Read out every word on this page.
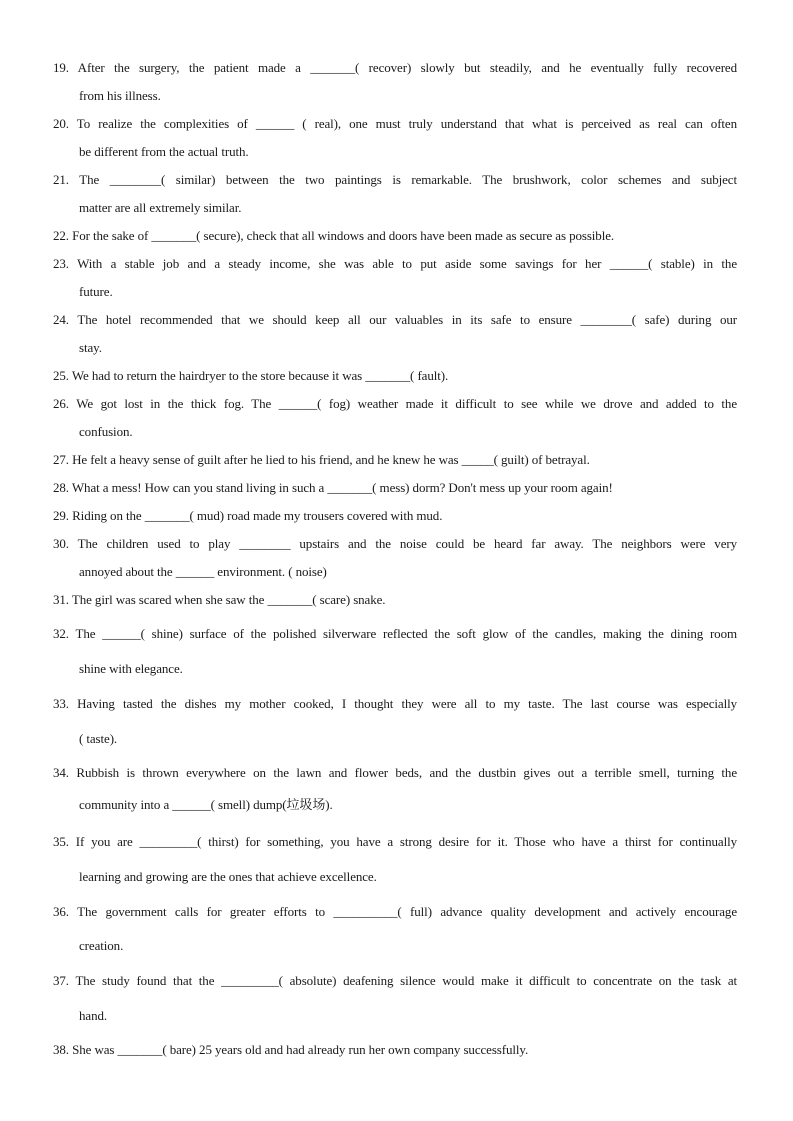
19. After the surgery, the patient made a _______( recover) slowly but steadily, and he eventually fully recovered
from his illness.
20. To realize the complexities of ______ ( real), one must truly understand that what is perceived as real can often
be different from the actual truth.
21. The ________( similar) between the two paintings is remarkable. The brushwork, color schemes and subject
matter are all extremely similar.
22. For the sake of _______( secure), check that all windows and doors have been made as secure as possible.
23. With a stable job and a steady income, she was able to put aside some savings for her ______( stable) in the
future.
24. The hotel recommended that we should keep all our valuables in its safe to ensure ________( safe) during our
stay.
25. We had to return the hairdryer to the store because it was _______( fault).
26. We got lost in the thick fog. The ______( fog) weather made it difficult to see while we drove and added to the
confusion.
27. He felt a heavy sense of guilt after he lied to his friend, and he knew he was _____( guilt) of betrayal.
28. What a mess! How can you stand living in such a _______( mess) dorm? Don't mess up your room again!
29. Riding on the _______( mud) road made my trousers covered with mud.
30. The children used to play ________ upstairs and the noise could be heard far away. The neighbors were very
annoyed about the ______ environment. ( noise)
31. The girl was scared when she saw the _______( scare) snake.
32. The ______( shine) surface of the polished silverware reflected the soft glow of the candles, making the dining room
shine with elegance.
33. Having tasted the dishes my mother cooked, I thought they were all to my taste. The last course was especially
( taste).
34. Rubbish is thrown everywhere on the lawn and flower beds, and the dustbin gives out a terrible smell, turning the
community into a ______( smell) dump(垃圾场).
35. If you are _________( thirst) for something, you have a strong desire for it. Those who have a thirst for continually
learning and growing are the ones that achieve excellence.
36. The government calls for greater efforts to __________( full) advance quality development and actively encourage
creation.
37. The study found that the _________( absolute) deafening silence would make it difficult to concentrate on the task at
hand.
38. She was _______( bare) 25 years old and had already run her own company successfully.
